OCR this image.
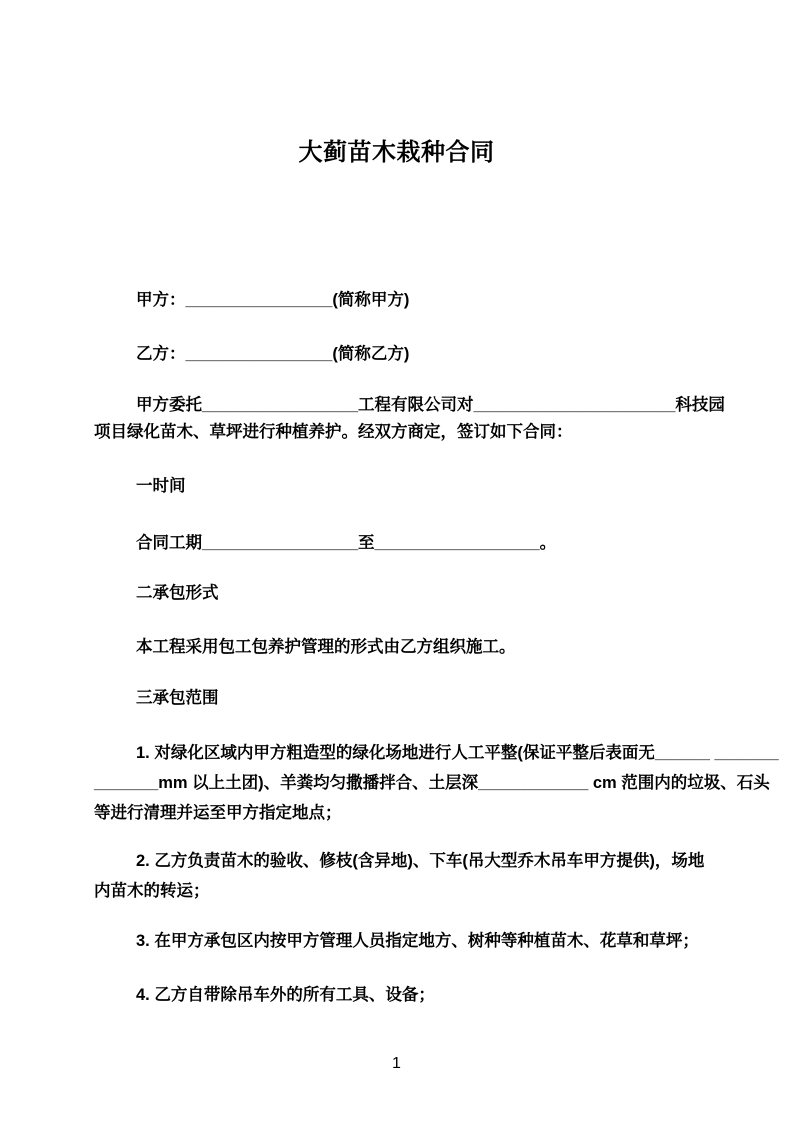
大蓟苗木栽种合同
甲方：________________(简称甲方)
乙方：________________(简称乙方)
甲方委托_________________工程有限公司对______________________科技园
项目绿化苗木、草坪进行种植养护。经双方商定，签订如下合同：
一时间
合同工期_________________至__________________。
二承包形式
本工程采用包工包养护管理的形式由乙方组织施工。
三承包范围
1. 对绿化区域内甲方粗造型的绿化场地进行人工平整(保证平整后表面无______ _______
_______mm 以上土团)、羊粪均匀撒播拌合、土层深____________ cm 范围内的垃圾、石头
等进行清理并运至甲方指定地点；
2. 乙方负责苗木的验收、修枝(含异地)、下车(吊大型乔木吊车甲方提供)，场地
内苗木的转运；
3. 在甲方承包区内按甲方管理人员指定地方、树种等种植苗木、花草和草坪；
4. 乙方自带除吊车外的所有工具、设备；
1
